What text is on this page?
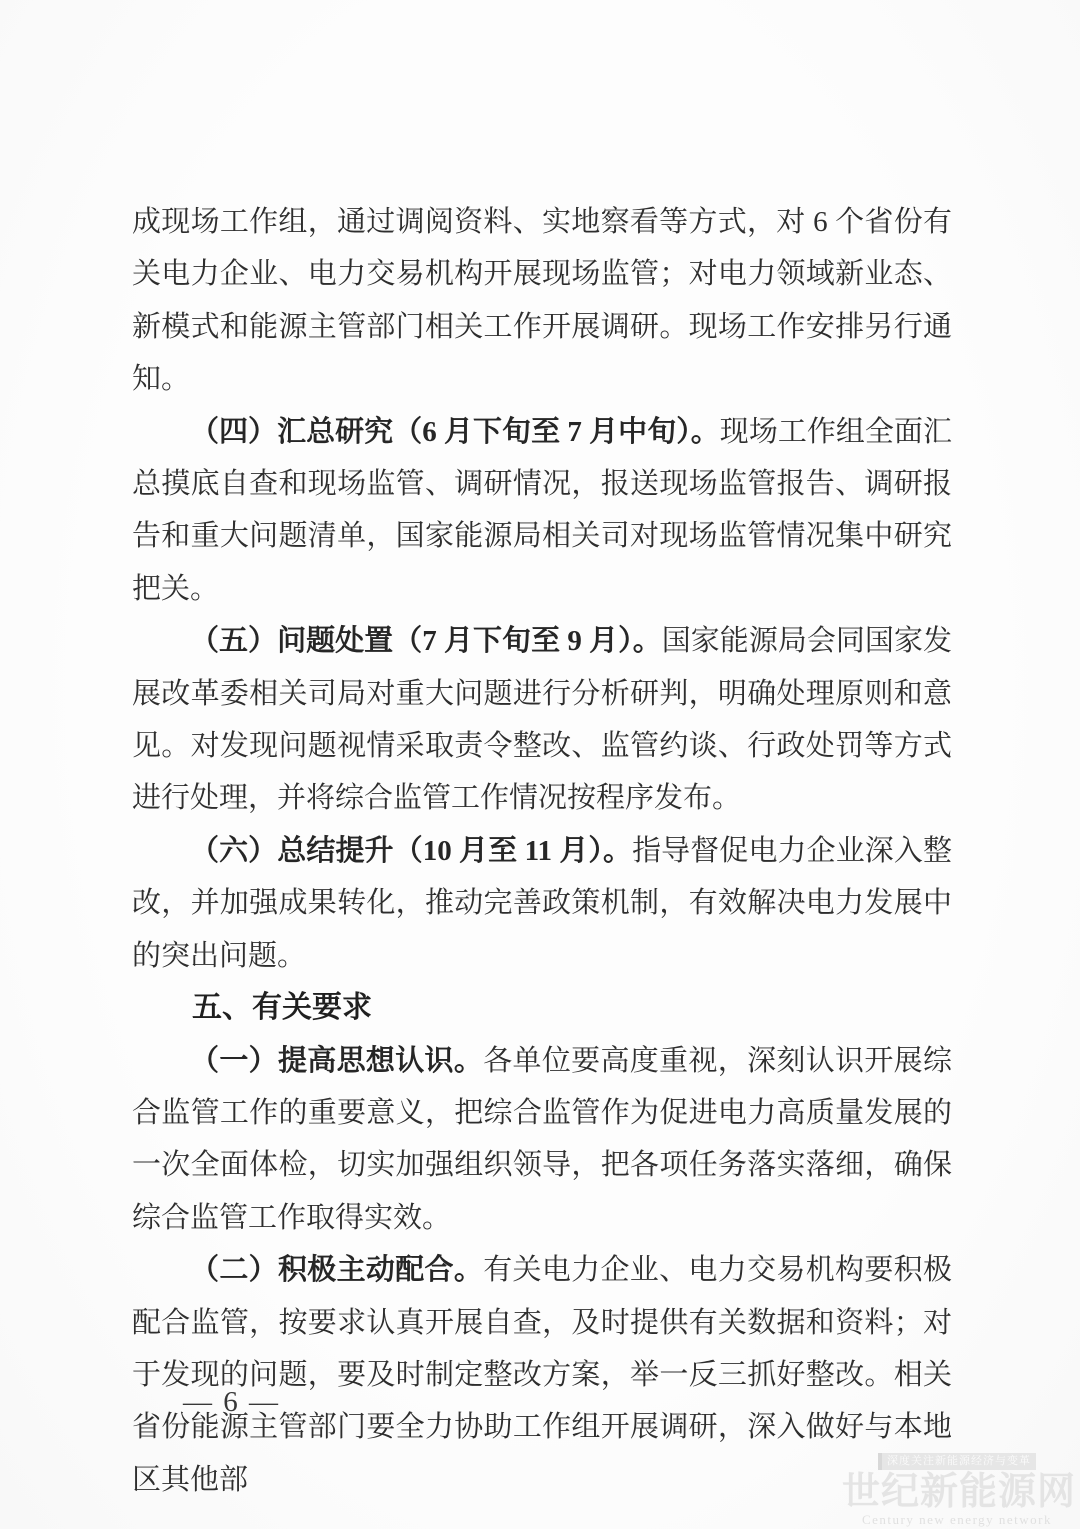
成现场工作组，通过调阅资料、实地察看等方式，对 6 个省份有关电力企业、电力交易机构开展现场监管；对电力领域新业态、新模式和能源主管部门相关工作开展调研。现场工作安排另行通知。

（四）汇总研究（6 月下旬至 7 月中旬）。现场工作组全面汇总摸底自查和现场监管、调研情况，报送现场监管报告、调研报告和重大问题清单，国家能源局相关司对现场监管情况集中研究把关。

（五）问题处置（7 月下旬至 9 月）。国家能源局会同国家发展改革委相关司局对重大问题进行分析研判，明确处理原则和意见。对发现问题视情采取责令整改、监管约谈、行政处罚等方式进行处理，并将综合监管工作情况按程序发布。

（六）总结提升（10 月至 11 月）。指导督促电力企业深入整改，并加强成果转化，推动完善政策机制，有效解决电力发展中的突出问题。

五、有关要求

（一）提高思想认识。各单位要高度重视，深刻认识开展综合监管工作的重要意义，把综合监管作为促进电力高质量发展的一次全面体检，切实加强组织领导，把各项任务落实落细，确保综合监管工作取得实效。

（二）积极主动配合。有关电力企业、电力交易机构要积极配合监管，按要求认真开展自查，及时提供有关数据和资料；对于发现的问题，要及时制定整改方案，举一反三抓好整改。相关省份能源主管部门要全力协助工作组开展调研，深入做好与本地区其他部

— 6 —
深度关注新能源经济与变革
世纪新能源网
Century new energy network
